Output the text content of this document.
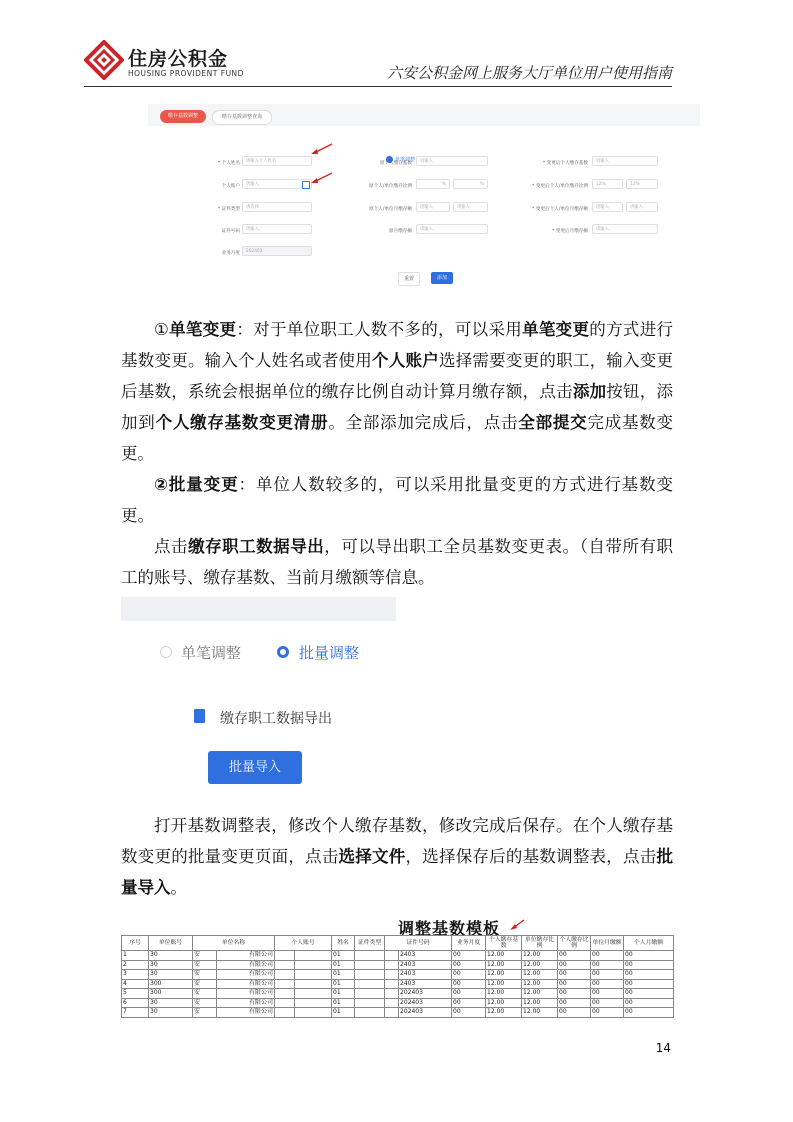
住房公积金
HOUSING PROVIDENT FUND	六安公积金网上服务大厅单位用户使用指南
缴存基数调整	缴存基数调整查询
单笔调整
* 个人姓名	请输入个人姓名
个人账户	请输入
* 证件类型	请选择
证件号码	请输入
业务月度	202403
原个人缴存基数	请输入
原个人/单位缴存比例	%	%
原个人/单位月缴存额	请输入	请输入
原月缴存额	请输入
* 变更后个人缴存基数	请输入
* 变更后个人/单位缴存比例	12%	12%
* 变更后个人/单位月缴存额	请输入	请输入
* 变更后月缴存额	请输入
重置	添加

①单笔变更：对于单位职工人数不多的，可以采用单笔变更的方式进行基数变更。输入个人姓名或者使用个人账户选择需要变更的职工，输入变更后基数，系统会根据单位的缴存比例自动计算月缴存额，点击添加按钮，添加到个人缴存基数变更清册。全部添加完成后，点击全部提交完成基数变更。

②批量变更：单位人数较多的，可以采用批量变更的方式进行基数变更。

点击缴存职工数据导出，可以导出职工全员基数变更表。（自带所有职工的账号、缴存基数、当前月缴额等信息。

单笔调整	批量调整
缴存职工数据导出
批量导入

打开基数调整表，修改个人缴存基数，修改完成后保存。在个人缴存基数变更的批量变更页面，点击选择文件，选择保存后的基数调整表，点击批量导入。

调整基数模板
序号	单位账号	单位名称		个人账号		姓名	证件类型	证件号码		业务月度	个人缴存基数	单位缴存比例	个人缴存比例	单位月缴额	个人月缴额
1	30	安	有限公司			01			2403	00	12.00	12.00	00	00	00
2	30	安	有限公司			01			2403	00	12.00	12.00	00	00	00
3	30	安	有限公司			01			2403	00	12.00	12.00	00	00	00
4	300	安	有限公司			01			2403	00	12.00	12.00	00	00	00
5	300	安	有限公司			01			202403	00	12.00	12.00	00	00	00
6	30	安	有限公司			01			202403	00	12.00	12.00	00	00	00
7	30	安	有限公司			01			202403	00	12.00	12.00	00	00	00
14
